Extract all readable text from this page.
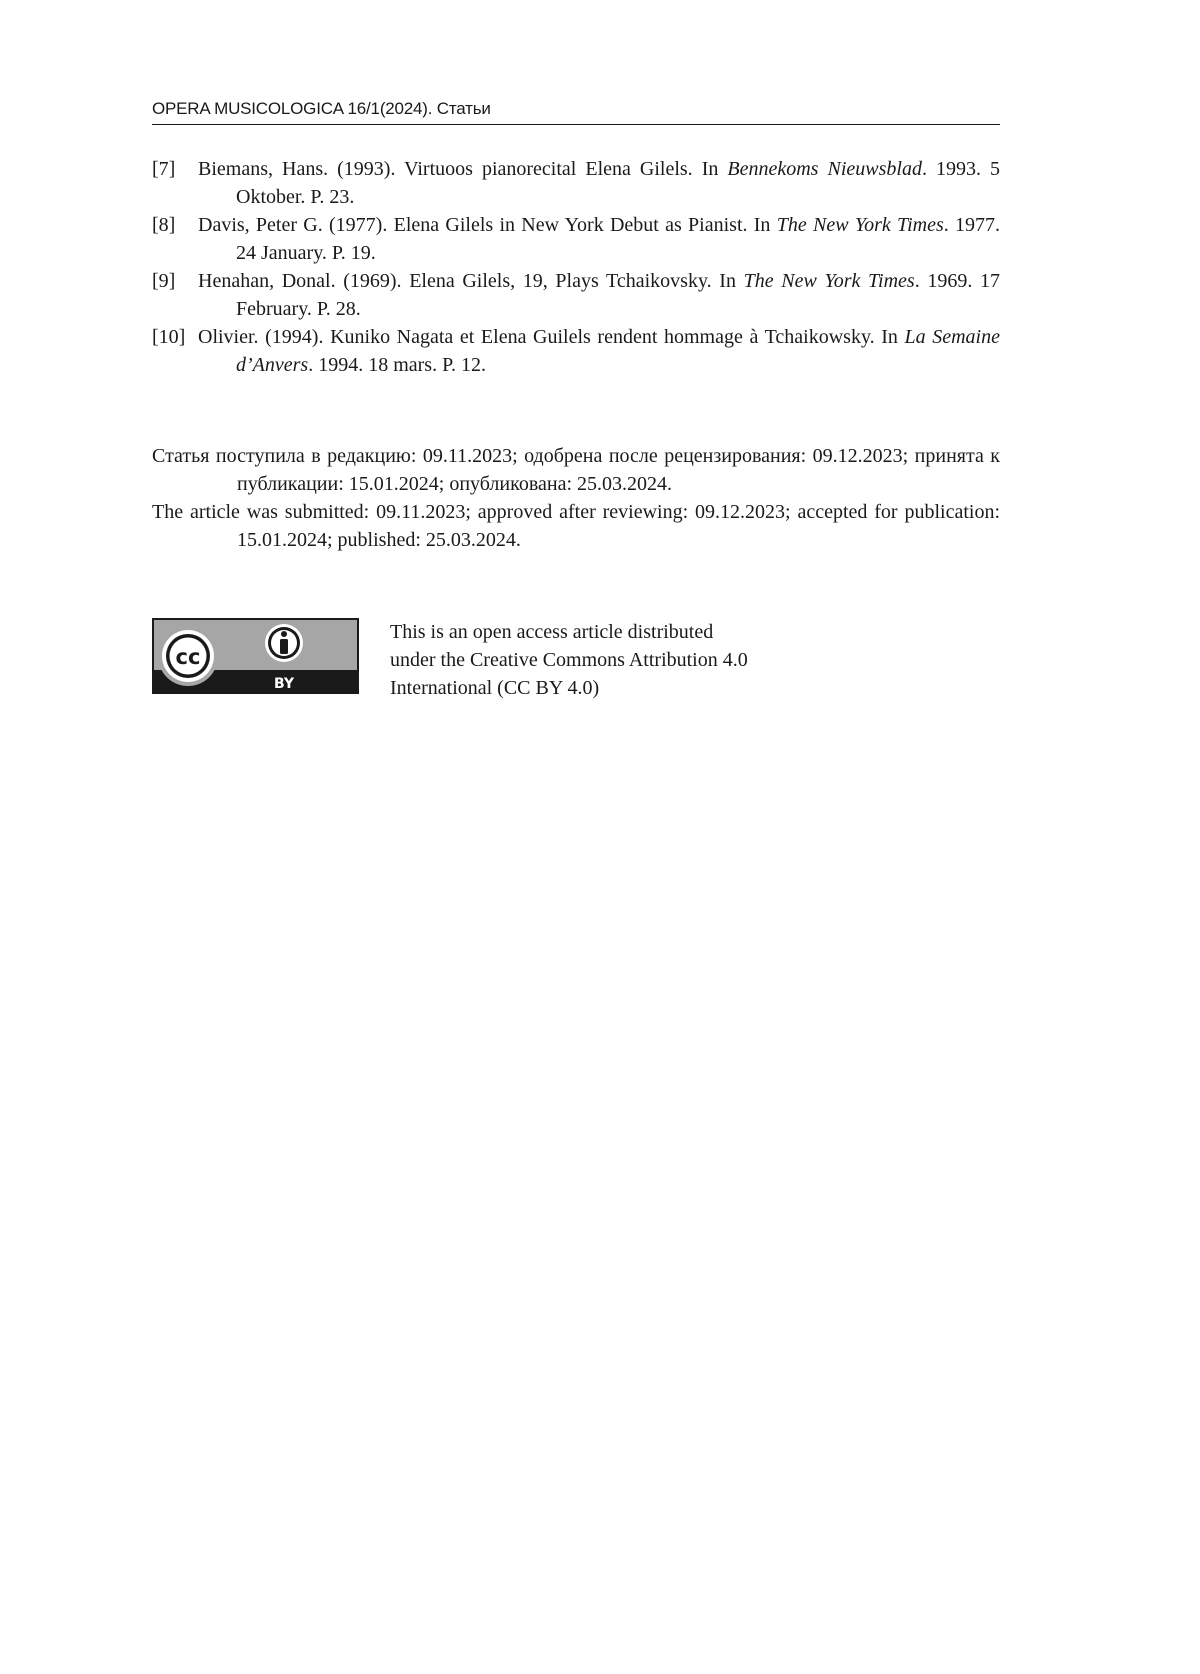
OPERA MUSICOLOGICA 16/1(2024). Статьи
[7] Biemans, Hans. (1993). Virtuoos pianorecital Elena Gilels. In Bennekoms Nieuwsblad. 1993. 5 Oktober. P. 23.
[8] Davis, Peter G. (1977). Elena Gilels in New York Debut as Pianist. In The New York Times. 1977. 24 January. P. 19.
[9] Henahan, Donal. (1969). Elena Gilels, 19, Plays Tchaikovsky. In The New York Times. 1969. 17 February. P. 28.
[10] Olivier. (1994). Kuniko Nagata et Elena Guilels rendent hommage à Tchaikowsky. In La Semaine d’Anvers. 1994. 18 mars. P. 12.

Статья поступила в редакцию: 09.11.2023; одобрена после рецензирования: 09.12.2023; принята к публикации: 15.01.2024; опубликована: 25.03.2024.

The article was submitted: 09.11.2023; approved after reviewing: 09.12.2023; accepted for publication: 15.01.2024; published: 25.03.2024.

cc
BY
This is an open access article distributed
under the Creative Commons Attribution 4.0
International (CC BY 4.0)
